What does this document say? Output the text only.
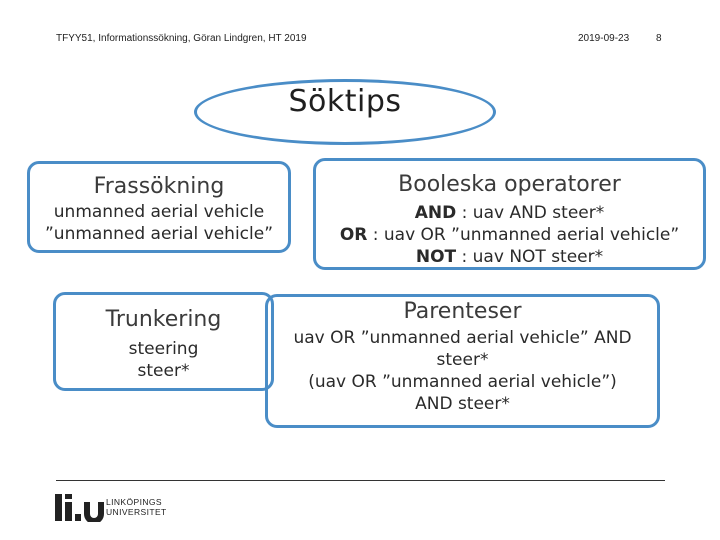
TFYY51, Informationssökning, Göran Lindgren, HT 2019	2019-09-23	8
Söktips
Frassökning
unmanned aerial vehicle
”unmanned aerial vehicle”
Booleska operatorer
AND : uav AND steer*
OR : uav OR ”unmanned aerial vehicle”
NOT : uav NOT steer*
Trunkering
steering
steer*
Parenteser
uav OR ”unmanned aerial vehicle” AND
steer*
(uav OR ”unmanned aerial vehicle”)
AND steer*
LINKÖPINGS
UNIVERSITET
